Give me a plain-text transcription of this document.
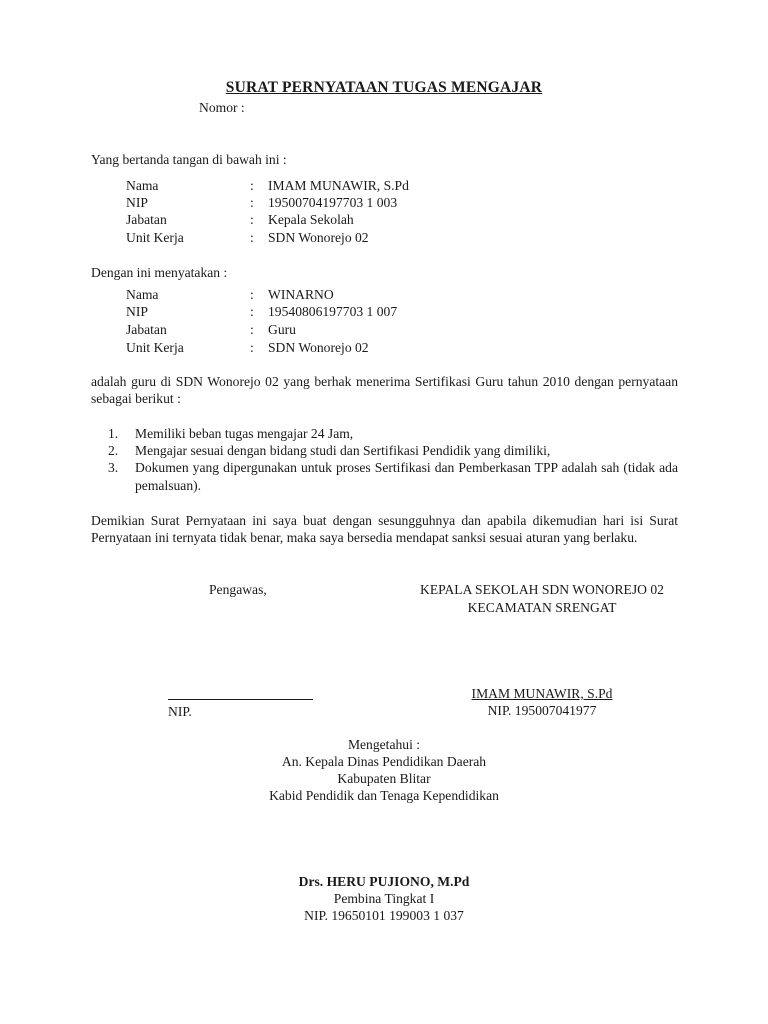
SURAT PERNYATAAN TUGAS MENGAJAR
Nomor :
Yang bertanda tangan di bawah ini :
Nama	: IMAM MUNAWIR, S.Pd
NIP	: 19500704197703 1 003
Jabatan	: Kepala Sekolah
Unit Kerja	: SDN Wonorejo 02
Dengan ini menyatakan :
Nama	: WINARNO
NIP	: 19540806197703 1 007
Jabatan	: Guru
Unit Kerja	: SDN Wonorejo 02
adalah guru di SDN Wonorejo 02 yang berhak menerima Sertifikasi Guru tahun 2010 dengan pernyataan sebagai berikut :
1. Memiliki beban tugas mengajar 24 Jam,
2. Mengajar sesuai dengan bidang studi dan Sertifikasi Pendidik yang dimiliki,
3. Dokumen yang dipergunakan untuk proses Sertifikasi dan Pemberkasan TPP adalah sah (tidak ada pemalsuan).
Demikian Surat Pernyataan ini saya buat dengan sesungguhnya dan apabila dikemudian hari isi Surat Pernyataan ini ternyata tidak benar, maka saya bersedia mendapat sanksi sesuai aturan yang berlaku.
Pengawas,	KEPALA SEKOLAH SDN WONOREJO 02
KECAMATAN SRENGAT
NIP.
IMAM MUNAWIR, S.Pd
NIP. 195007041977
Mengetahui :
An. Kepala Dinas Pendidikan Daerah
Kabupaten Blitar
Kabid Pendidik dan Tenaga Kependidikan
Drs. HERU PUJIONO, M.Pd
Pembina Tingkat I
NIP. 19650101 199003 1 037
